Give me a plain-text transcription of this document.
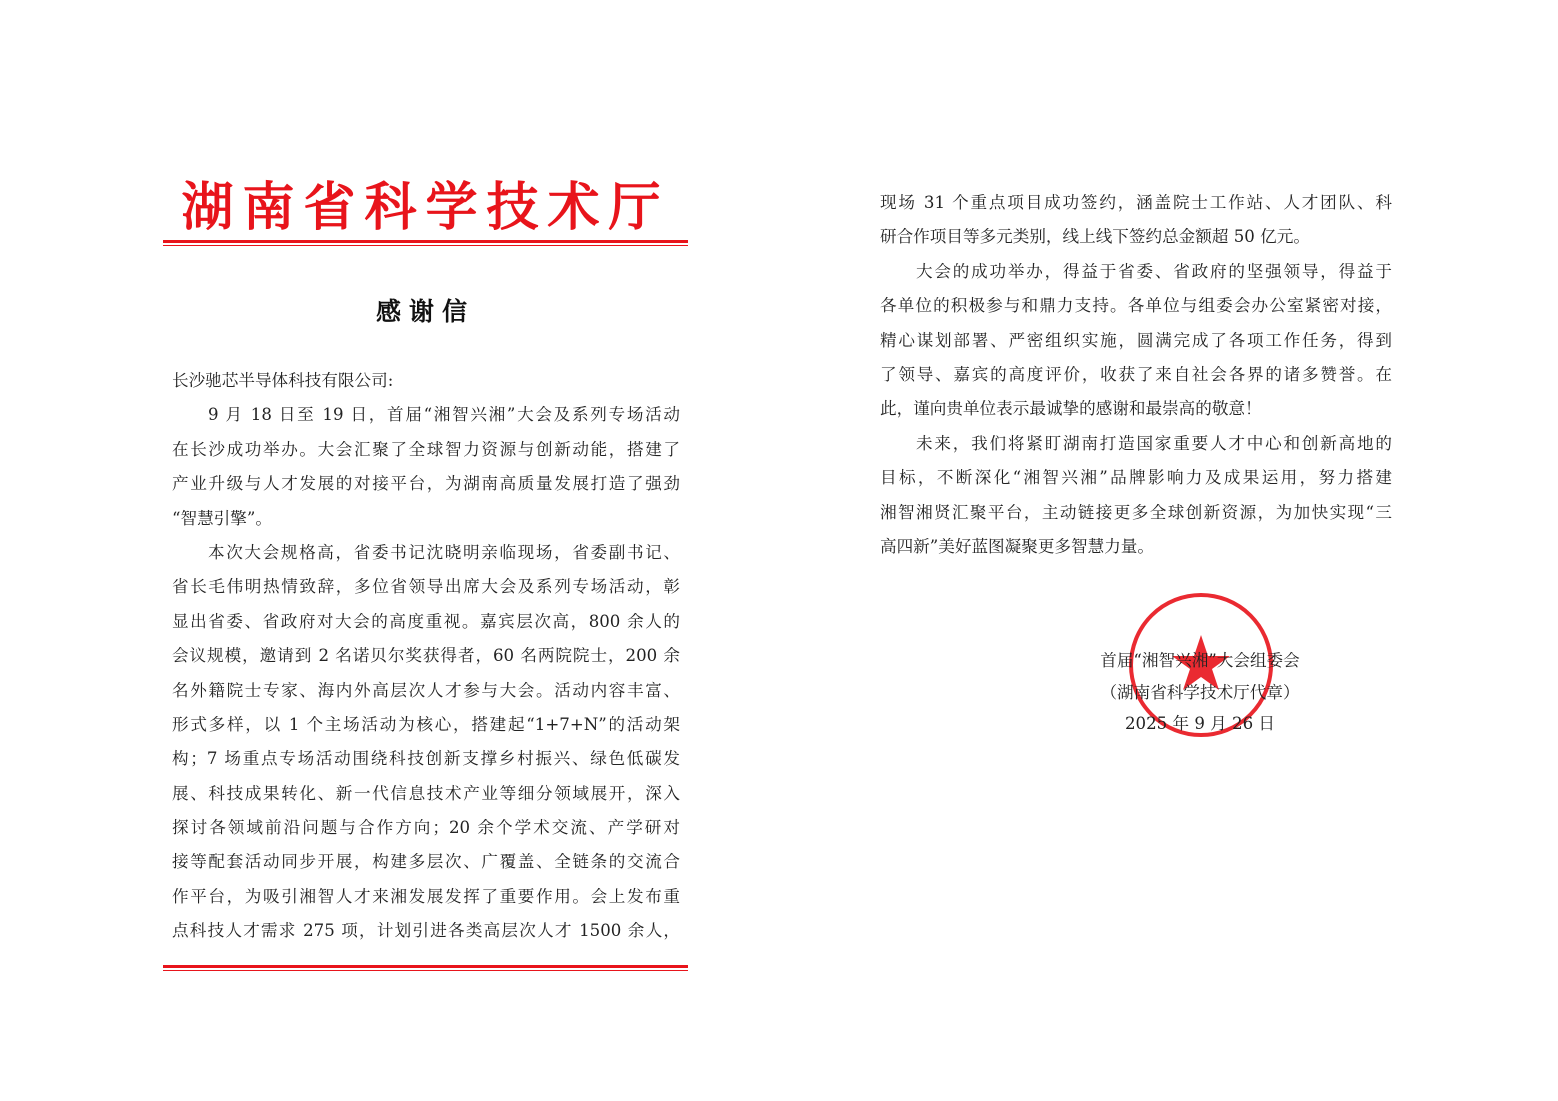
湖南省科学技术厅
感谢信
长沙驰芯半导体科技有限公司:
9 月 18 日至 19 日，首届“湘智兴湘”大会及系列专场活动
在长沙成功举办。大会汇聚了全球智力资源与创新动能，搭建了
产业升级与人才发展的对接平台，为湖南高质量发展打造了强劲
“智慧引擎”。
本次大会规格高，省委书记沈晓明亲临现场，省委副书记、
省长毛伟明热情致辞，多位省领导出席大会及系列专场活动，彰
显出省委、省政府对大会的高度重视。嘉宾层次高，800 余人的
会议规模，邀请到 2 名诺贝尔奖获得者，60 名两院院士，200 余
名外籍院士专家、海内外高层次人才参与大会。活动内容丰富、
形式多样，以 1 个主场活动为核心，搭建起“1+7+N”的活动架
构；7 场重点专场活动围绕科技创新支撑乡村振兴、绿色低碳发
展、科技成果转化、新一代信息技术产业等细分领域展开，深入
探讨各领域前沿问题与合作方向；20 余个学术交流、产学研对
接等配套活动同步开展，构建多层次、广覆盖、全链条的交流合
作平台，为吸引湘智人才来湘发展发挥了重要作用。会上发布重
点科技人才需求 275 项，计划引进各类高层次人才 1500 余人，
现场 31 个重点项目成功签约，涵盖院士工作站、人才团队、科
研合作项目等多元类别，线上线下签约总金额超 50 亿元。
大会的成功举办，得益于省委、省政府的坚强领导，得益于
各单位的积极参与和鼎力支持。各单位与组委会办公室紧密对接，
精心谋划部署、严密组织实施，圆满完成了各项工作任务，得到
了领导、嘉宾的高度评价，收获了来自社会各界的诸多赞誉。在
此，谨向贵单位表示最诚挚的感谢和最崇高的敬意！
未来，我们将紧盯湖南打造国家重要人才中心和创新高地的
目标，不断深化“湘智兴湘”品牌影响力及成果运用，努力搭建
湘智湘贤汇聚平台，主动链接更多全球创新资源，为加快实现“三
高四新”美好蓝图凝聚更多智慧力量。
首届“湘智兴湘”大会组委会
（湖南省科学技术厅代章）
2025 年 9 月 26 日
